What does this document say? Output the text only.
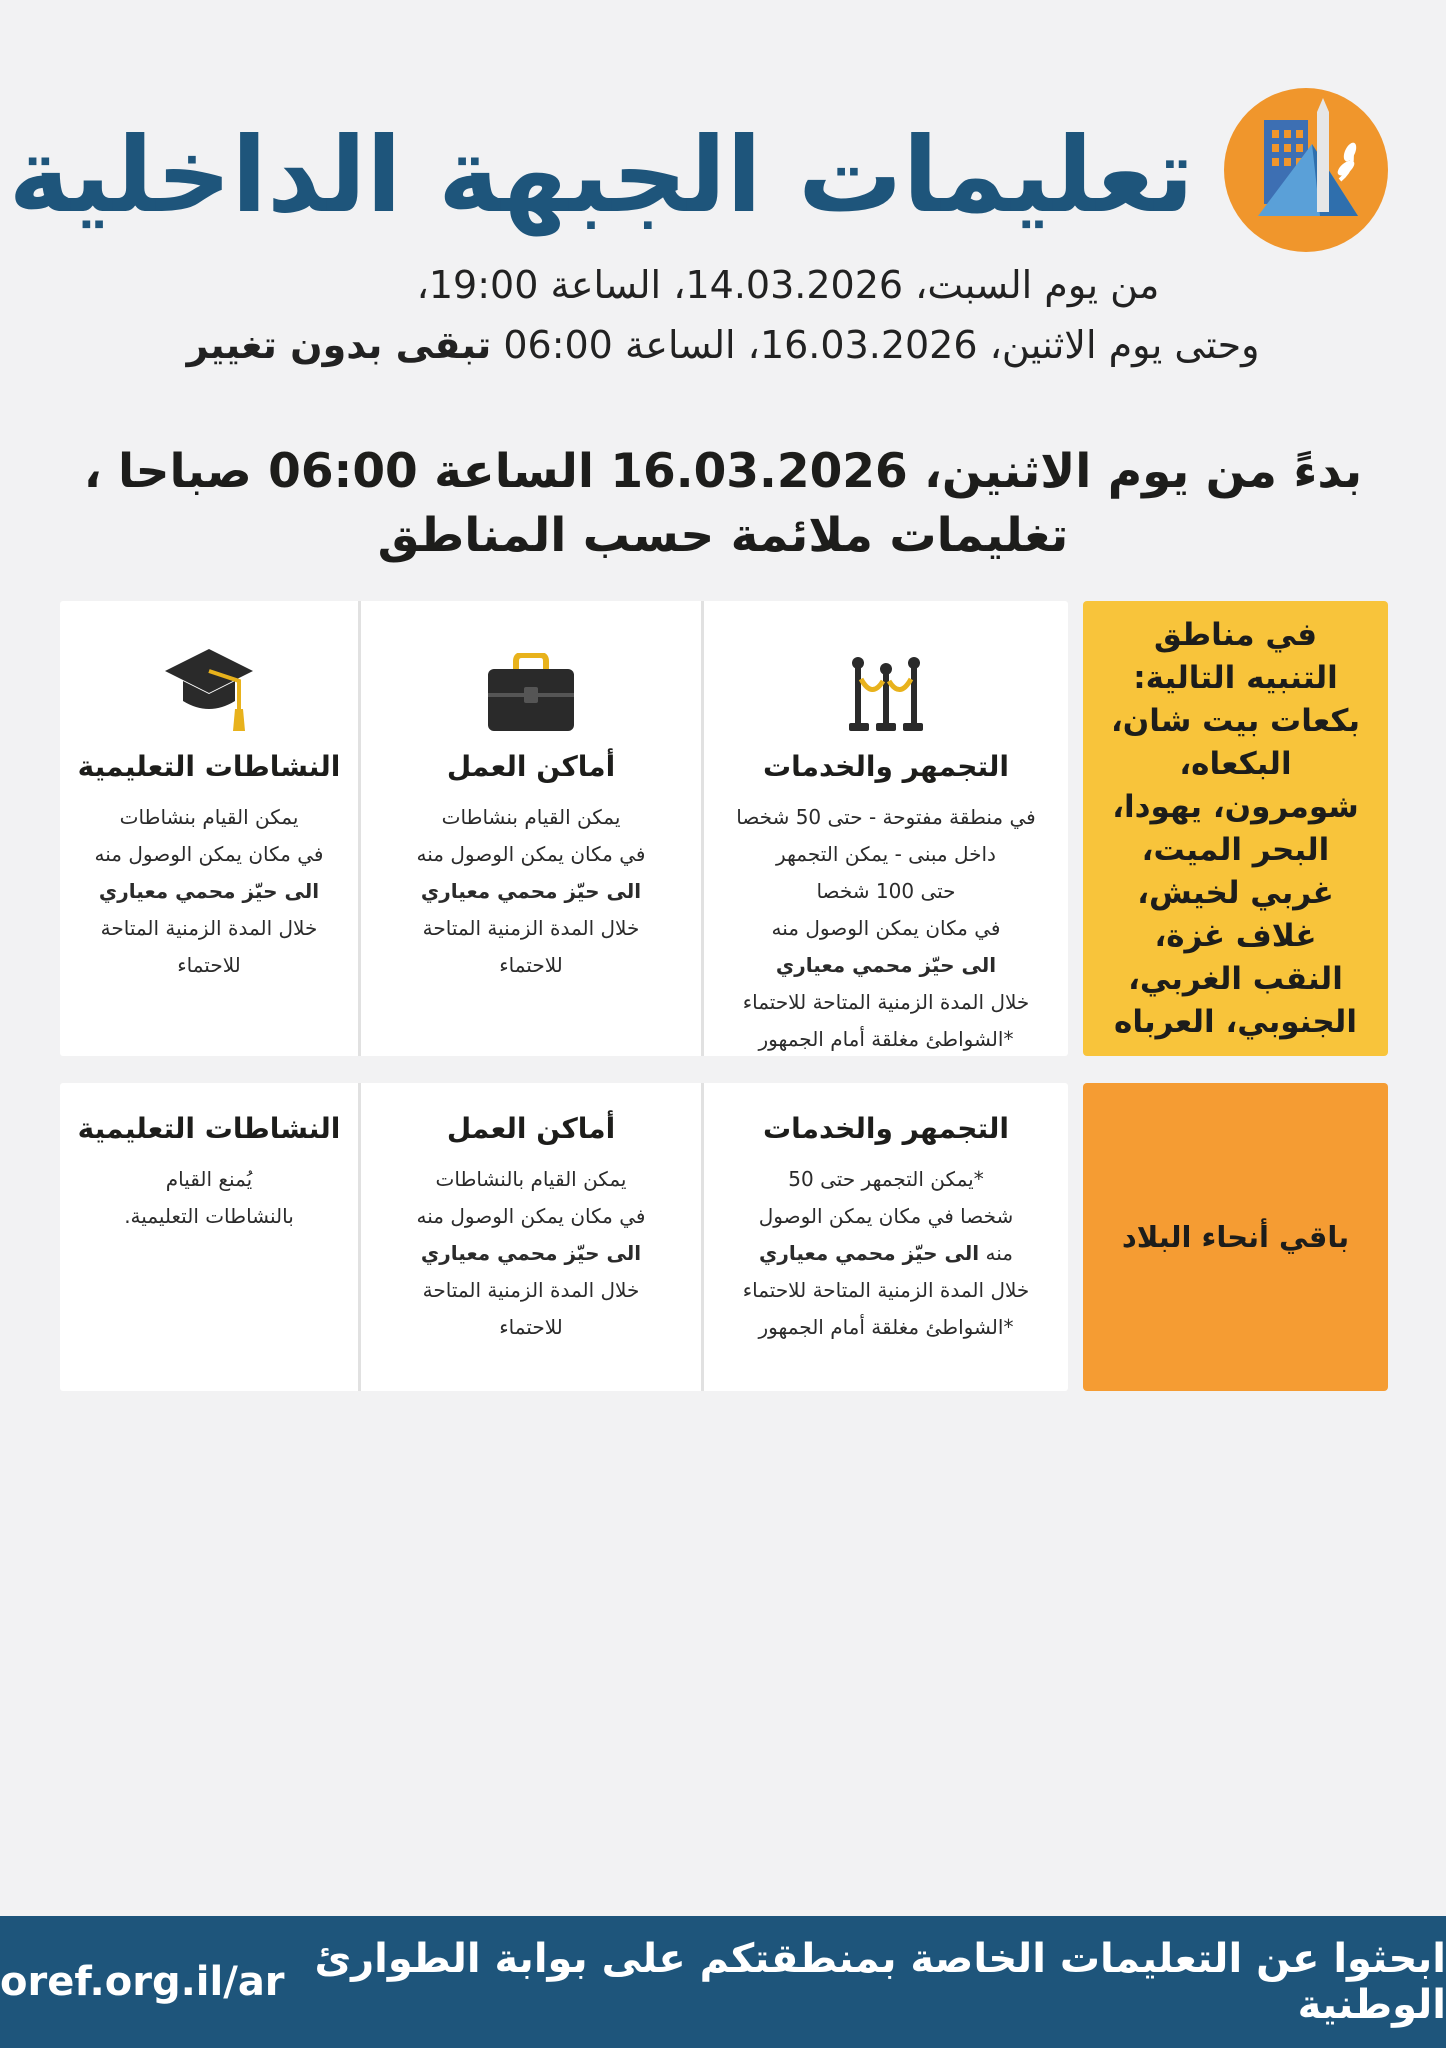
تعليمات الجبهة الداخلية
من يوم السبت، 14.03.2026، الساعة 19:00،
وحتى يوم الاثنين، 16.03.2026، الساعة 06:00 تبقى بدون تغيير
بدءً من يوم الاثنين، 16.03.2026 الساعة 06:00 صباحا ،
تغليمات ملائمة حسب المناطق
في مناطق التنبيه التالية:
بكعات بيت شان، البكعاه، شومرون، يهودا، البحر الميت، غربي لخيش، غلاف غزة، النقب الغربي، الجنوبي، العرباه
التجمهر والخدمات

في منطقة مفتوحة - حتى 50 شخصا
داخل مبنى - يمكن التجمهر
حتى 100 شخصا
في مكان يمكن الوصول منه
الى حيّز محمي معياري
خلال المدة الزمنية المتاحة للاحتماء
*الشواطئ مغلقة أمام الجمهور

أماكن العمل

يمكن القيام بنشاطات
في مكان يمكن الوصول منه
الى حيّز محمي معياري
خلال المدة الزمنية المتاحة
للاحتماء

النشاطات التعليمية

يمكن القيام بنشاطات
في مكان يمكن الوصول منه
الى حيّز محمي معياري
خلال المدة الزمنية المتاحة
للاحتماء

باقي أنحاء البلاد
التجمهر والخدمات

*يمكن التجمهر حتى 50
شخصا في مكان يمكن الوصول
منه الى حيّز محمي معياري
خلال المدة الزمنية المتاحة للاحتماء
*الشواطئ مغلقة أمام الجمهور

أماكن العمل

يمكن القيام بالنشاطات
في مكان يمكن الوصول منه
الى حيّز محمي معياري
خلال المدة الزمنية المتاحة
للاحتماء

النشاطات التعليمية

يُمنع القيام
بالنشاطات التعليمية.

ابحثوا عن التعليمات الخاصة بمنطقتكم على بوابة الطوارئ الوطنية
oref.org.il/ar
